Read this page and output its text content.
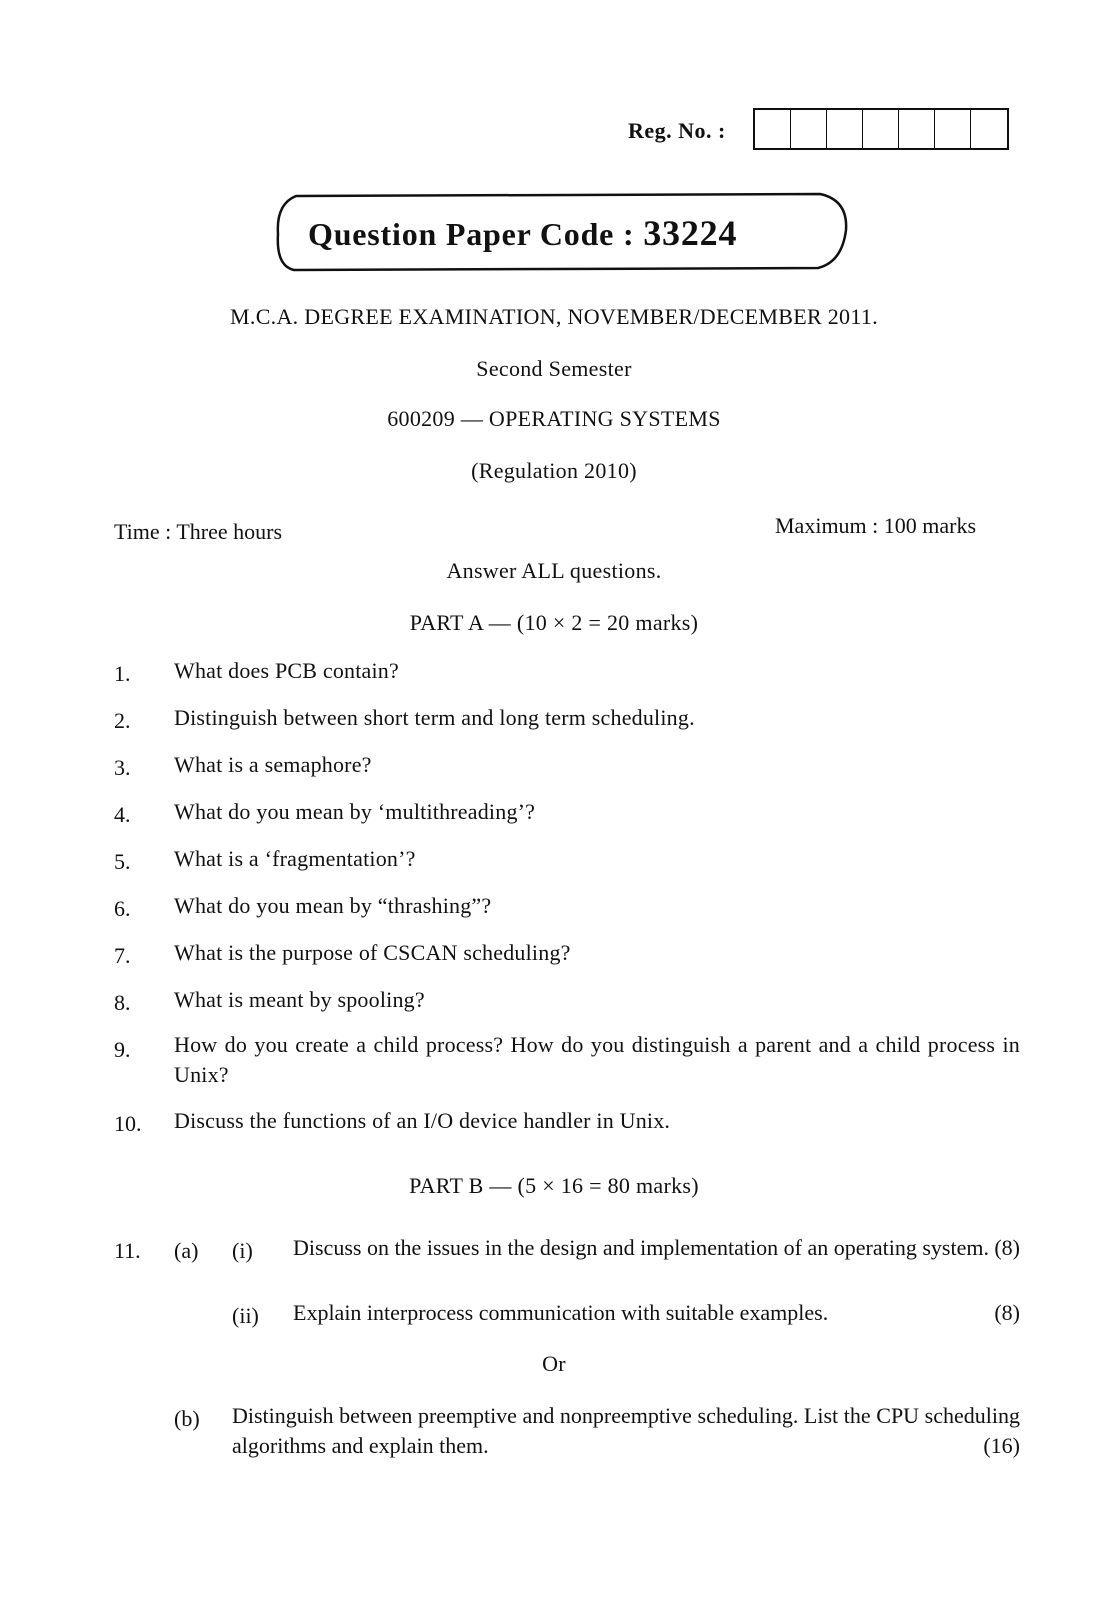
Reg. No. :
Question Paper Code : 33224
M.C.A. DEGREE EXAMINATION, NOVEMBER/DECEMBER 2011.
Second Semester
600209 — OPERATING SYSTEMS
(Regulation 2010)
Time : Three hours	Maximum : 100 marks
Answer ALL questions.
PART A — (10 × 2 = 20 marks)
1.	What does PCB contain?
2.	Distinguish between short term and long term scheduling.
3.	What is a semaphore?
4.	What do you mean by ‘multithreading’?
5.	What is a ‘fragmentation’?
6.	What do you mean by “thrashing”?
7.	What is the purpose of CSCAN scheduling?
8.	What is meant by spooling?
9.	How do you create a child process? How do you distinguish a parent and a child process in Unix?
10.	Discuss the functions of an I/O device handler in Unix.
PART B — (5 × 16 = 80 marks)
11. (a) (i) Discuss on the issues in the design and implementation of an operating system. (8)
(ii) Explain interprocess communication with suitable examples.	(8)
Or
(b) Distinguish between preemptive and nonpreemptive scheduling. List the CPU scheduling algorithms and explain them.	(16)
